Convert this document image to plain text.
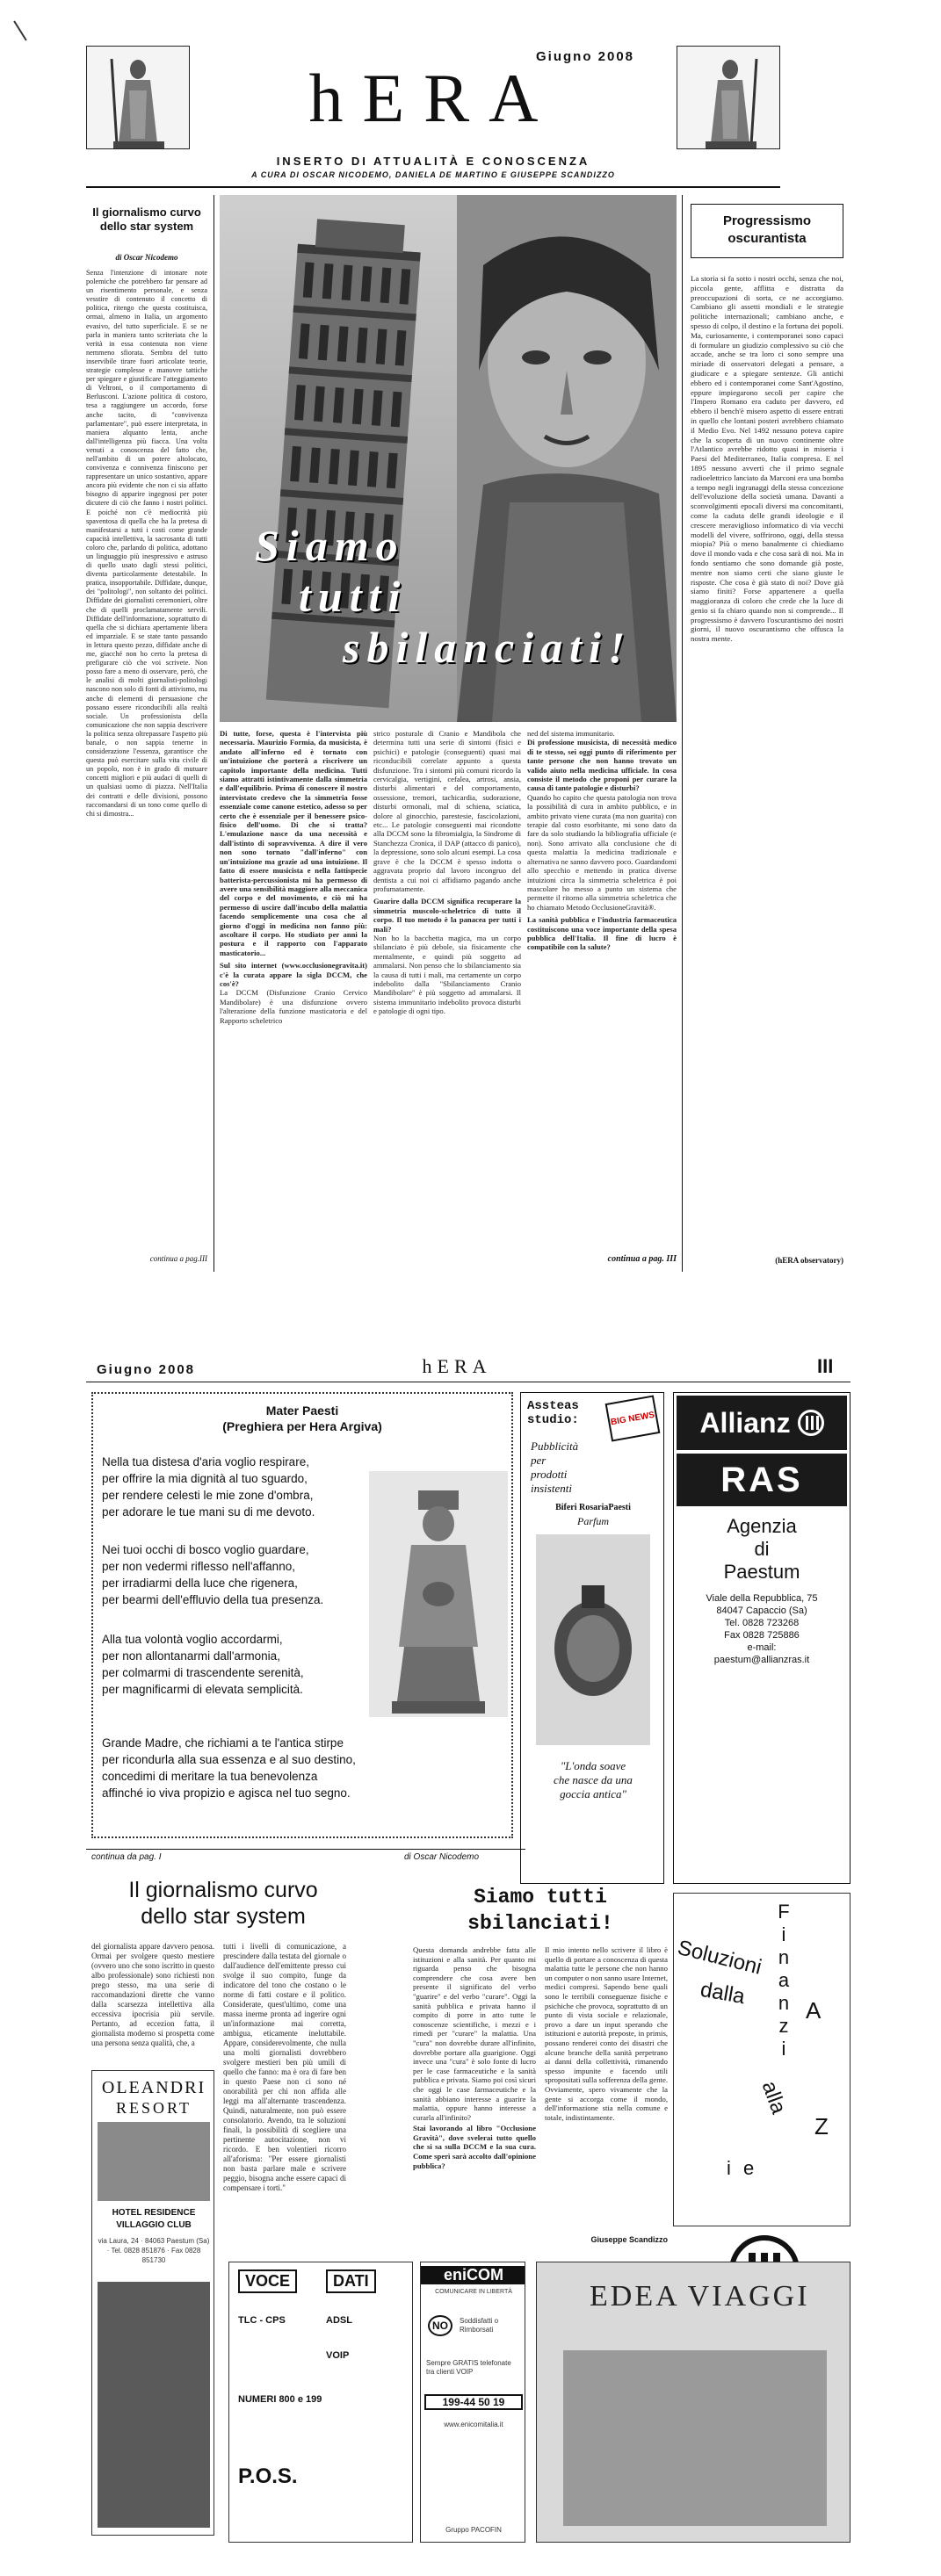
Giugno 2008
hERA
INSERTO DI ATTUALITÀ E CONOSCENZA
A CURA DI OSCAR NICODEMO, DANIELA DE MARTINO E GIUSEPPE SCANDIZZO
Il giornalismo curvo
dello star system
di Oscar Nicodemo
Senza l'intenzione di intonare note polemiche che potrebbero far pensare ad un risentimento personale, e senza vesstire di contenuto il concetto di politica, ritengo che questa costituisca, ormai, almeno in Italia, un argomento evasivo, del tutto superficiale. E se ne parla in maniera tanto scriteriata che la verità in essa contenuta non viene nemmeno sfiorata. Sembra del tutto inservibile tirare fuori articolate teorie, strategie complesse e manovre tattiche per spiegare e giustificare l'atteggiamento di Veltroni, o il comportamento di Berlusconi. L'azione politica di costoro, tesa a raggiungere un accordo, forse anche tacito, di "convivenza parlamentare", può essere interpretata, in maniera alquanto lenta, anche dall'intelligenza più fiacca. Una volta venuti a conoscenza del fatto che, nell'ambito di un potere altolocato, convivenza e connivenza finiscono per rappresentare un unico sostantivo, appare ancora più evidente che non ci sia affatto bisogno di apparire ingegnosi per poter dicutere di ciò che fanno i nostri politici. E poiché non c'è mediocrità più spaventosa di quella che ha la pretesa di manifestarsi a tutti i costi come grande capacità intellettiva, la sacrosanta di tutti coloro che, parlando di politica, adottano un linguaggio più inespressivo e astruso di quello usato dagli stessi politici, diventa particolarmente detestabile. In pratica, insopportabile. Diffidate, dunque, dei "politologi", non soltanto dei politici. Diffidate dei giornalisti ceremonieri, oltre che di quelli proclamatamente servili. Diffidate dell'informazione, soprattutto di quella che si dichiara apertamente libera ed imparziale. E se state tanto passando in lettura questo pezzo, diffidate anche di me, giacché non ho certo la pretesa di prefigurare ciò che voi scrivete. Non posso fare a meno di osservare, però, che le analisi di molti giornalisti-politologi nascono non solo di fonti di attivismo, ma anche di elementi di persuasione che possano essere riconducibili alla realtà sociale. Un professionista della comunicazione che non sappia descrivere la politica senza oltrepassare l'aspetto più banale, o non sappia tenerne in considerazione l'essenza, garantisce che questa può esercitare sulla vita civile di un popolo, non è in grado di mutuare concetti migliori e più audaci di quelli di un qualsiasi uomo di piazza. Nell'Italia dei contratti e delle divisioni, possono raccomandarsi di un tono come quello di chi si dimostra...
continua a pag.III
Siamo
tutti
sbilanciati!

Di tutte, forse, questa è l'intervista più necessaria. Maurizio Formia, da musicista, è andato all'inferno ed è tornato con un'intuizione che porterà a riscrivere un capitolo importante della medicina. Tutti siamo attratti istintivamente dalla simmetria e dall'equilibrio. Prima di conoscere il nostro intervistato credevo che la simmetria fosse essenziale come canone estetico, adesso so per certo che è essenziale per il benessere psico-fisico dell'uomo. Di che si tratta? L'emulazione nasce da una necessità e dall'istinto di sopravvivenza. A dire il vero non sono tornato "dall'inferno" con un'intuizione ma grazie ad una intuizione. Il fatto di essere musicista e nella fattispecie batterista-percussionista mi ha permesso di avere una sensibilità maggiore alla meccanica del corpo e del movimento, e ciò mi ha permesso di uscire dall'incubo della malattia facendo semplicemente una cosa che al giorno d'oggi in medicina non fanno più: ascoltare il corpo. Ho studiato per anni la postura e il rapporto con l'apparato masticatorio...

Sul sito internet (www.occlusionegravita.it) c'è la curata appare la sigla DCCM, che cos'è?

La DCCM (Disfunzione Cranio Cervico Mandibolare) è una disfunzione ovvero l'alterazione della funzione masticatoria e del Rapporto scheletrico

strico posturale di Cranio e Mandibola che determina tutti una serie di sintomi (fisici e psichici) e patologie (conseguenti) quasi mai riconducibili correlate appunto a questa disfunzione. Tra i sintomi più comuni ricordo la cervicalgia, vertigini, cefalea, artrosi, ansia, disturbi alimentari e del comportamento, ossessione, tremori, tachicardia, sudorazione, disturbi ormonali, mal di schiena, sciatica, dolore al ginocchio, parestesie, fascicolazioni, etc... Le patologie conseguenti mai ricondotte alla DCCM sono la fibromialgia, la Sindrome di Stanchezza Cronica, il DAP (attacco di panico), la depressione, sono solo alcuni esempi. La cosa grave è che la DCCM è spesso indotta o aggravata proprio dal lavoro incongruo del dentista a cui noi ci affidiamo pagando anche profumatamente.

Guarire dalla DCCM significa recuperare la simmetria muscolo-scheletrico di tutto il corpo. Il tuo metodo è la panacea per tutti i mali?

Non ho la bacchetta magica, ma un corpo sbilanciato è più debole, sia fisicamente che mentalmente, e quindi più soggetto ad ammalarsi. Non penso che lo sbilanciamento sia la causa di tutti i mali, ma certamente un corpo indebolito dalla "Sbilanciamento Cranio Mandibolare" è più soggetto ad ammalarsi. Il sistema immunitario indebolito provoca disturbi e patologie di ogni tipo.

ned del sistema immunitario.

Di professione musicista, di necessità medico di te stesso, sei oggi punto di riferimento per tante persone che non hanno trovato un valido aiuto nella medicina ufficiale. In cosa consiste il metodo che proponi per curare la causa di tante patologie e disturbi?

Quando ho capito che questa patologia non trova la possibilità di cura in ambito pubblico, e in ambito privato viene curata (ma non guarita) con terapie dal costo esorbitante, mi sono dato da fare da solo studiando la bibliografia ufficiale (e non). Sono arrivato alla conclusione che di questa malattia la medicina tradizionale e alternativa ne sanno davvero poco. Guardandomi allo specchio e mettendo in pratica diverse intuizioni circa la simmetria scheletrica è poi mascolare ho messo a punto un sistema che permette il ritorno alla simmetria scheletrica che ho chiamato Metodo OcclusioneGravità®.

La sanità pubblica e l'industria farmaceutica costituiscono una voce importante della spesa pubblica dell'Italia. Il fine di lucro è compatibile con la salute?

continua a pag. III
Progressismo
oscurantista
La storia si fa sotto i nostri occhi, senza che noi, piccola gente, afflitta e distratta da preoccupazioni di sorta, ce ne accorgiamo. Cambiano gli assetti mondiali e le strategie politiche internazionali; cambiano anche, e spesso di colpo, il destino e la fortuna dei popoli. Ma, curiosamente, i contemporanei sono capaci di formulare un giudizio complessivo su ciò che accade, anche se tra loro ci sono sempre una miriade di osservatori delegati a pensare, a giudicare e a spiegare sentenze. Gli antichi ebbero ed i contemporanei come Sant'Agostino, eppure impiegarono secoli per capire che l'Impero Romano era caduto per davvero, ed ebbero il bench'è misero aspetto di essere entrati in quello che lontani posteri avrebbero chiamato il Medio Evo. Nel 1492 nessuno poteva capire che la scoperta di un nuovo continente oltre l'Atlantico avrebbe ridotto quasi in miseria i Paesi del Mediterraneo, Italia compresa. E nel 1895 nessuno avvertì che il primo segnale radioelettrico lanciato da Marconi era una bomba a tempo negli ingranaggi della stessa concezione dell'evoluzione della società umana. Davanti a sconvolgimenti epocali diversi ma concomitanti, come la caduta delle grandi ideologie e il crescere meraviglioso informatico di via vecchi modelli del vivere, soffrirono, oggi, della stessa miopia? Più o meno banalmente ci chiediamo dove il mondo vada e che cosa sarà di noi. Ma in fondo sentiamo che sono domande già poste, mentre non siamo certi che siano giuste le risposte. Che cosa è già stato di noi? Dove già siamo finiti? Forse appartenere a quella maggioranza di coloro che crede che la luce di genio si fa chiaro quando non si comprende... Il progressismo è davvero l'oscurantismo dei nostri giorni, il nuovo oscurantismo che offusca la nostra mente.
(hERA observatory)
Giugno 2008	hERA	III
Mater Paesti
(Preghiera per Hera Argiva)
Nella tua distesa d'aria voglio respirare,
per offrire la mia dignità al tuo sguardo,
per rendere celesti le mie zone d'ombra,
per adorare le tue mani su di me devoto.
Nei tuoi occhi di bosco voglio guardare,
per non vedermi riflesso nell'affanno,
per irradiarmi della luce che rigenera,
per bearmi dell'effluvio della tua presenza.
Alla tua volontà voglio accordarmi,
per non allontanarmi dall'armonia,
per colmarmi di trascendente serenità,
per magnificarmi di elevata semplicità.
Grande Madre, che richiami a te l'antica stirpe
per ricondurla alla sua essenza e al suo destino,
concedimi di meritare la tua benevolenza
affinché io viva propizio e agisca nel tuo segno.
continua da pag. I	di Oscar Nicodemo
Assteas studio:	BIG NEWS
Pubblicità
per
prodotti
insistenti
Biferi RosariaPaesti
Parfum
"L'onda soave
che nasce da una
goccia antica"
Allianz
RAS
Agenzia
di
Paestum
Viale della Repubblica, 75
84047 Capaccio (Sa)
Tel. 0828 723268
Fax 0828 725886
e-mail:
paestum@allianzras.it
Soluzioni
F
i
n
a
n
z
i
dalla
A
alla
Z
i e
Il giornalismo curvo
dello star system
del giornalista appare davvero penosa. Ormai per svolgere questo mestiere (ovvero uno che sono iscritto in questo albo professionale) sono richiesti non prego stesso, ma una serie di raccomandazioni dirette che vanno dalla scarsezza intellettiva alla eccessiva ipocrisia più servile. Pertanto, ad eccezion fatta, il giornalista moderno si prospetta come una persona senza qualità, che, a
tutti i livelli di comunicazione, a prescindere dalla testata del giornale o dall'audience dell'emittente presso cui svolge il suo compito, funge da indicatore del tono che costano o le norme di fatti costare e il politico. Considerate, quest'ultimo, come una massa inerme pronta ad ingerire ogni un'informazione mai corretta, ambigua, eticamente ineluttabile. Appare, considerevolmente, che nulla una molti giornalisti dovrebbero svolgere mestieri ben più umili di quello che fanno: ma è ora di fare ben in questo Paese non ci sono né onorabilità per chi non affida alle leggi ma all'alternante trascendenza. Quindi, naturalmente, non può essere consolatorio. Avendo, tra le soluzioni finali, la possibilità di scegliere una pertinente autocitazione, non vi ricordo. E ben volentieri ricorro all'aforisma: "Per essere giornalisti non basta parlare male e scrivere peggio, bisogna anche essere capaci di compensare i torti."
OLEANDRI
RESORT
HOTEL RESIDENCE
VILLAGGIO CLUB
via Laura, 24 · 84063 Paestum (Sa) · Tel. 0828 851876 · Fax 0828 851730
VOCE	DATI
TLC - CPS	ADSL
VOIP
NUMERI 800 e 199
P.O.S.
Siamo tutti
sbilanciati!

Questa domanda andrebbe fatta alle istituzioni e alla sanità. Per quanto mi riguarda penso che bisogna comprendere che cosa avere ben presente il significato del verbo "guarire" e del verbo "curare". Oggi la sanità pubblica e privata hanno il compito di porre in atto tutte le conoscenze scientifiche, i mezzi e i rimedi per "curare" la malattia. Una "cura" non dovrebbe durare all'infinito, dovrebbe portare alla guarigione. Oggi invece una "cura" è solo fonte di lucro per le case farmaceutiche e la sanità pubblica e privata. Siamo poi così sicuri che oggi le case farmaceutiche e la sanità abbiano interesse a guarire la malattia, oppure hanno interesse a curarla all'infinito?

Stai lavorando al libro "Occlusione Gravità", dove svelerai tutto quello che si sa sulla DCCM e la sua cura. Come sperì sarà accolto dall'opinione pubblica?

Il mio intento nello scrivere il libro è quello di portare a conoscenza di questa malattia tutte le persone che non hanno un computer o non sanno usare Internet, medici compresi. Sapendo bene quali sono le terribili conseguenze fisiche e psichiche che provoca, soprattutto di un punto di vista sociale e relazionale, provo a dare un input sperando che istituzioni e autorità preposte, in primis, possano renderei conto dei disastri che alcune branche della sanità perpetrano ai danni della collettività, rimanendo spesso impunite e facendo utili spropositati sulla sofferenza della gente. Ovviamente, spero vivamente che la gente si accorga come il mondo, dell'informazione stia nella comune e totale, indistintamente.
Giuseppe Scandizzo
eniCOM
COMUNICARE IN LIBERTÀ
NO	Soddisfatti o Rimborsati
Sempre GRATIS telefonate tra clienti VOIP
199-44 50 19
www.enicomitalia.it
Gruppo PACOFIN
EDEA VIAGGI
